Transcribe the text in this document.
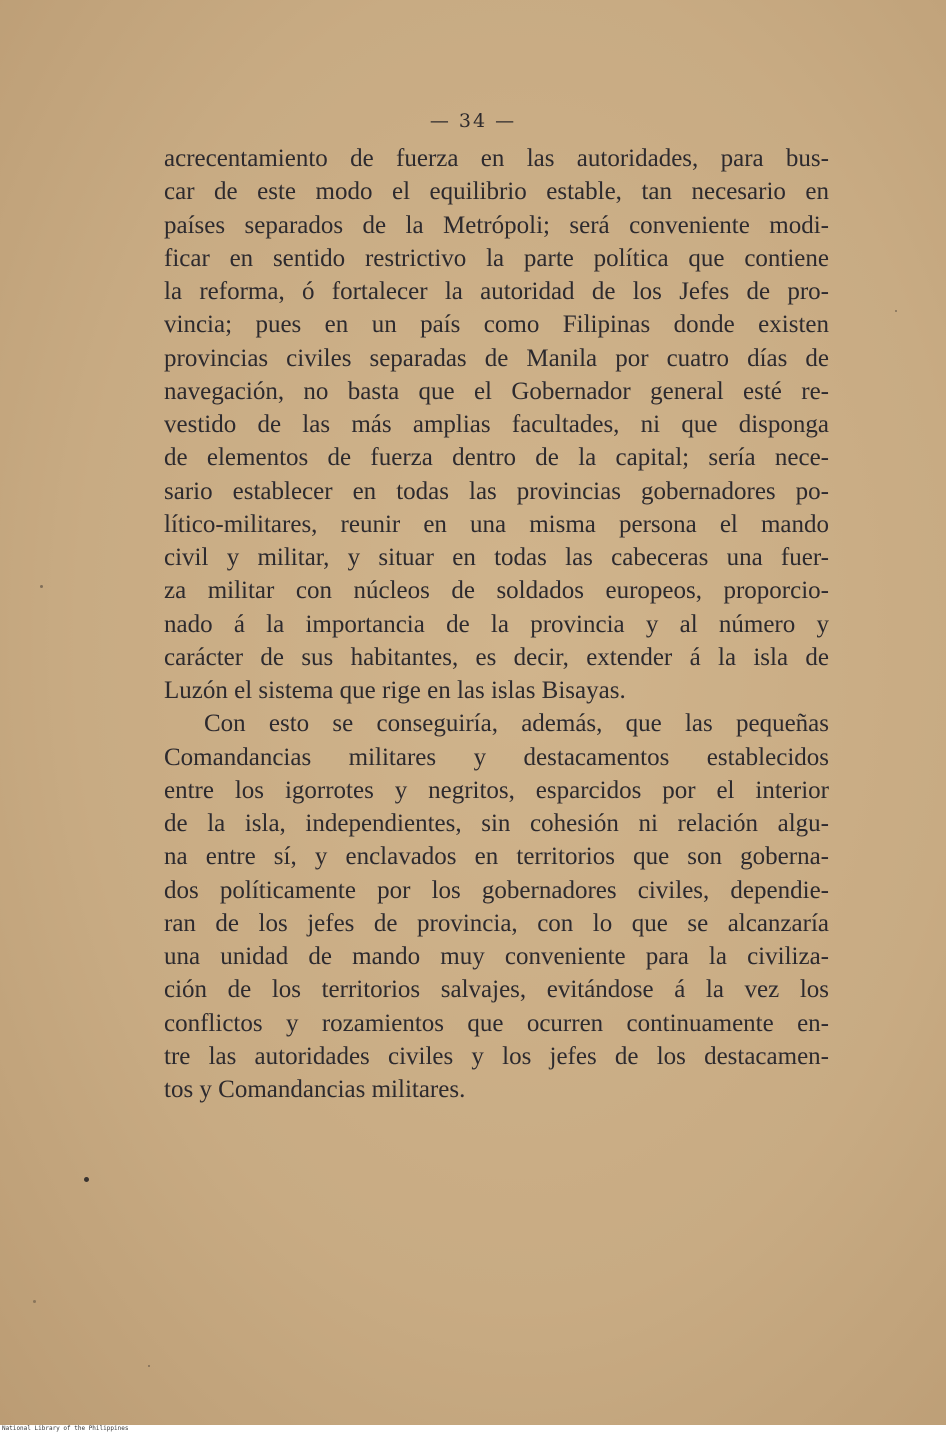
— 34 —
acrecentamiento de fuerza en las autoridades, para bus-
car de este modo el equilibrio estable, tan necesario en
países separados de la Metrópoli; será conveniente modi-
ficar en sentido restrictivo la parte política que contiene
la reforma, ó fortalecer la autoridad de los Jefes de pro-
vincia; pues en un país como Filipinas donde existen
provincias civiles separadas de Manila por cuatro días de
navegación, no basta que el Gobernador general esté re-
vestido de las más amplias facultades, ni que disponga
de elementos de fuerza dentro de la capital; sería nece-
sario establecer en todas las provincias gobernadores po-
lítico-militares, reunir en una misma persona el mando
civil y militar, y situar en todas las cabeceras una fuer-
za militar con núcleos de soldados europeos, proporcio-
nado á la importancia de la provincia y al número y
carácter de sus habitantes, es decir, extender á la isla de
Luzón el sistema que rige en las islas Bisayas.
Con esto se conseguiría, además, que las pequeñas
Comandancias militares y destacamentos establecidos
entre los igorrotes y negritos, esparcidos por el interior
de la isla, independientes, sin cohesión ni relación algu-
na entre sí, y enclavados en territorios que son goberna-
dos políticamente por los gobernadores civiles, dependie-
ran de los jefes de provincia, con lo que se alcanzaría
una unidad de mando muy conveniente para la civiliza-
ción de los territorios salvajes, evitándose á la vez los
conflictos y rozamientos que ocurren continuamente en-
tre las autoridades civiles y los jefes de los destacamen-
tos y Comandancias militares.
National Library of the Philippines
